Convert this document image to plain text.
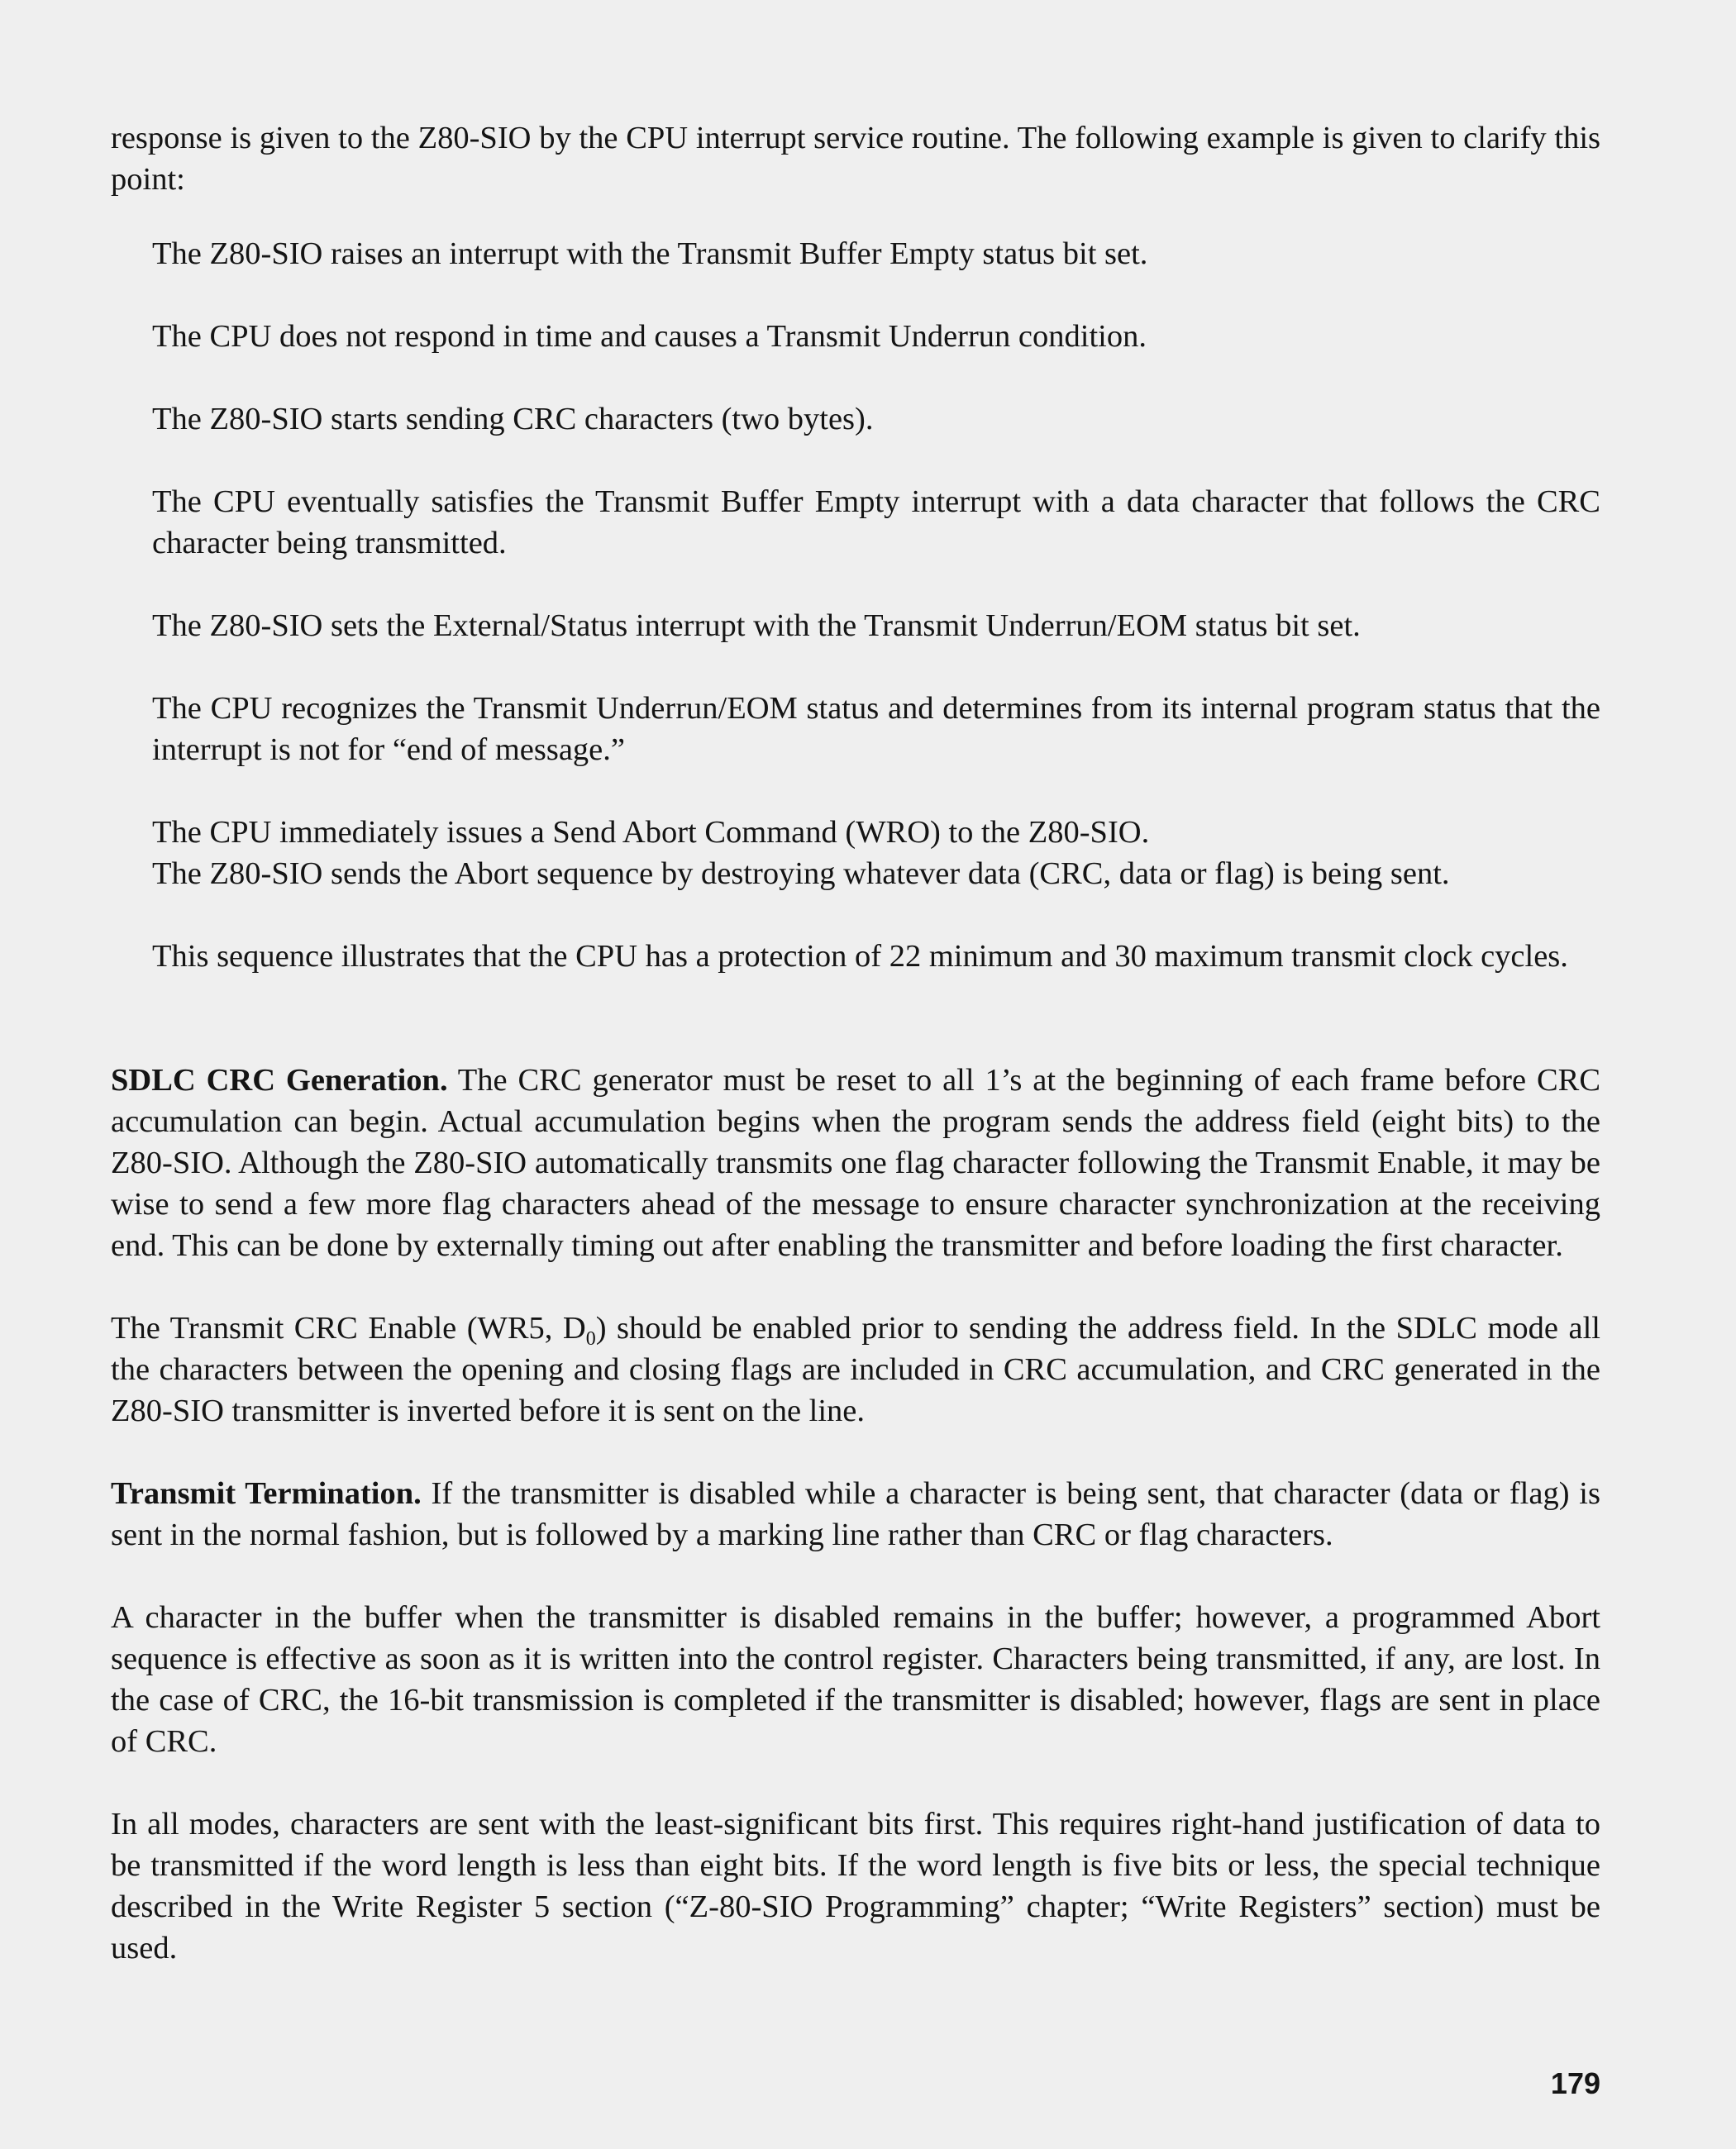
response is given to the Z80-SIO by the CPU interrupt service routine. The following example is given to clarify this point:

The Z80-SIO raises an interrupt with the Transmit Buffer Empty status bit set.

The CPU does not respond in time and causes a Transmit Underrun condition.

The Z80-SIO starts sending CRC characters (two bytes).

The CPU eventually satisfies the Transmit Buffer Empty interrupt with a data character that follows the CRC character being transmitted.

The Z80-SIO sets the External/Status interrupt with the Transmit Underrun/EOM status bit set.

The CPU recognizes the Transmit Underrun/EOM status and determines from its internal program status that the interrupt is not for “end of message.”

The CPU immediately issues a Send Abort Command (WRO) to the Z80-SIO.

The Z80-SIO sends the Abort sequence by destroying whatever data (CRC, data or flag) is being sent.

This sequence illustrates that the CPU has a protection of 22 minimum and 30 maximum transmit clock cycles.

SDLC CRC Generation. The CRC generator must be reset to all 1’s at the beginning of each frame before CRC accumulation can begin. Actual accumulation begins when the program sends the address field (eight bits) to the Z80-SIO. Although the Z80-SIO automatically transmits one flag character following the Transmit Enable, it may be wise to send a few more flag characters ahead of the message to ensure character synchronization at the receiving end. This can be done by externally timing out after enabling the transmitter and before loading the first character.

The Transmit CRC Enable (WR5, $D_0$) should be enabled prior to sending the address field. In the SDLC mode all the characters between the opening and closing flags are included in CRC accumulation, and CRC generated in the Z80-SIO transmitter is inverted before it is sent on the line.

Transmit Termination. If the transmitter is disabled while a character is being sent, that character (data or flag) is sent in the normal fashion, but is followed by a marking line rather than CRC or flag characters.

A character in the buffer when the transmitter is disabled remains in the buffer; however, a programmed Abort sequence is effective as soon as it is written into the control register. Characters being transmitted, if any, are lost. In the case of CRC, the 16-bit transmission is completed if the transmitter is disabled; however, flags are sent in place of CRC.

In all modes, characters are sent with the least-significant bits first. This requires right-hand justification of data to be transmitted if the word length is less than eight bits. If the word length is five bits or less, the special technique described in the Write Register 5 section (“Z-80-SIO Programming” chapter; “Write Registers” section) must be used.

179
